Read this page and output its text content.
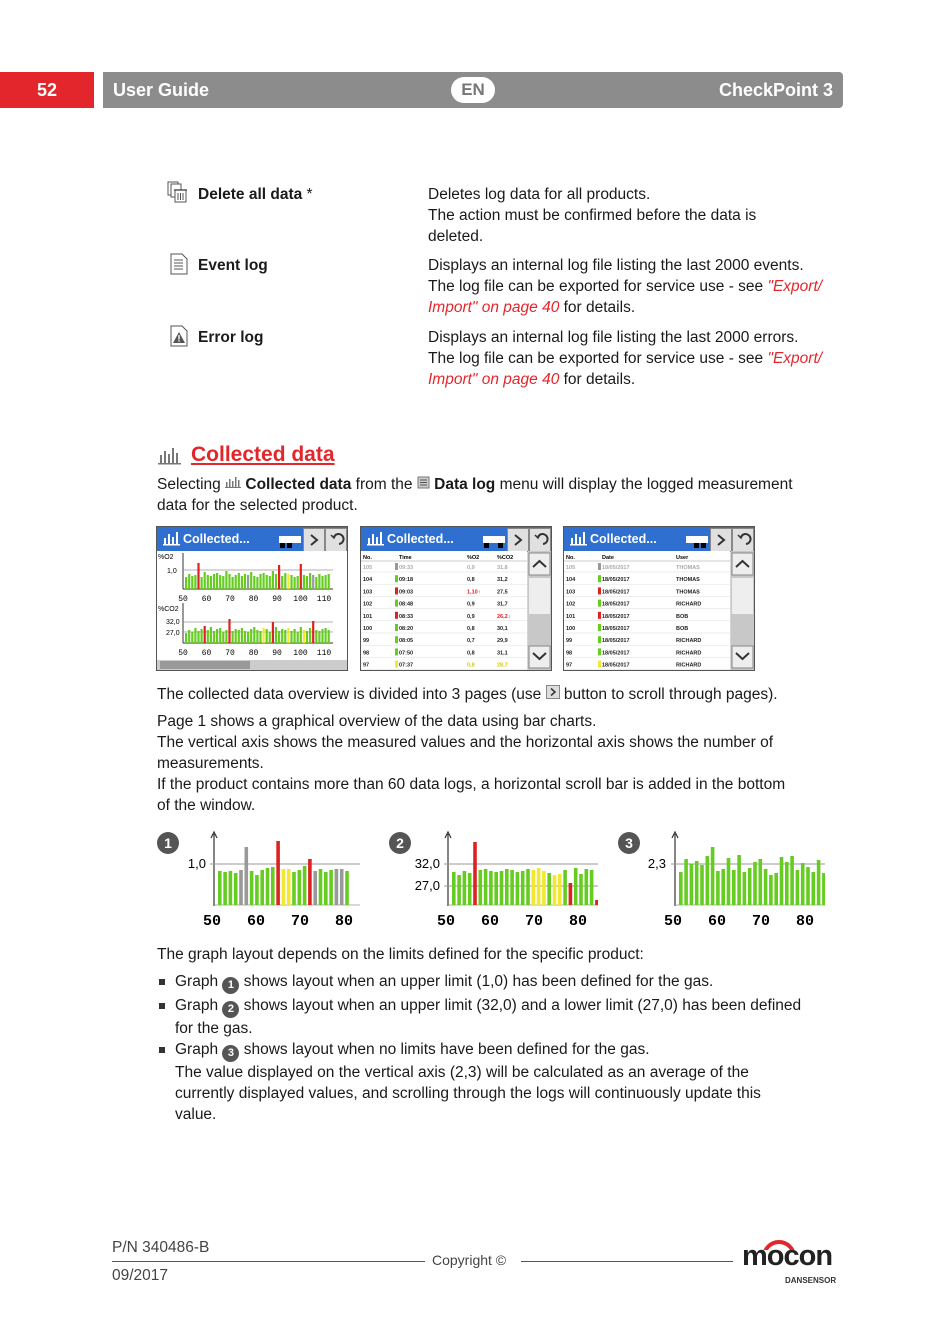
52	User Guide	EN	CheckPoint 3
Delete all data *	Deletes log data for all products.
The action must be confirmed before the data is
deleted.
Event log	Displays an internal log file listing the last 2000 events.
The log file can be exported for service use - see "Export/
Import" on page 40 for details.
Error log	Displays an internal log file listing the last 2000 errors.
The log file can be exported for service use - see "Export/
Import" on page 40 for details.
Collected data
Selecting  Collected data from the  Data log menu will display the logged measurement
data for the selected product.
Collected...
%O2
1,0
%CO2
32,0
27,0
50 60 70 80 90 100 110
50 60 70 80 90 100 110
Collected...
No.	Time	%O2	%CO2
105	09:33	0,9	31,8
104	09:18	0,8	31,2
103	09:03	1,10↑	27,5
102	08:48	0,9	31,7
101	08:33	0,9	26,2↓
100	08:20	0,8	30,1
99	08:05	0,7	29,9
98	07:50	0,8	31,1
97	07:37	0,8	28,7
Collected...
No.	Date	User
105	18/05/2017	THOMAS
104	18/05/2017	THOMAS
103	18/05/2017	THOMAS
102	18/05/2017	RICHARD
101	18/05/2017	BOB
100	18/05/2017	BOB
99	18/05/2017	RICHARD
98	18/05/2017	RICHARD
97	18/05/2017	RICHARD
The collected data overview is divided into 3 pages (use  button to scroll through pages).
Page 1 shows a graphical overview of the data using bar charts.
The vertical axis shows the measured values and the horizontal axis shows the number of
measurements.
If the product contains more than 60 data logs, a horizontal scroll bar is added in the bottom
of the window.
1	2	3
1,0
50 60 70 80
32,0
27,0
50 60 70 80
2,3
50 60 70 80
The graph layout depends on the limits defined for the specific product:
Graph 1 shows layout when an upper limit (1,0) has been defined for the gas.
Graph 2 shows layout when an upper limit (32,0) and a lower limit (27,0) has been defined
for the gas.
Graph 3 shows layout when no limits have been defined for the gas.
The value displayed on the vertical axis (2,3) will be calculated as an average of the
currently displayed values, and scrolling through the logs will continuously update this
value.
P/N 340486-B
Copyright ©
09/2017
mocon
DANSENSOR
